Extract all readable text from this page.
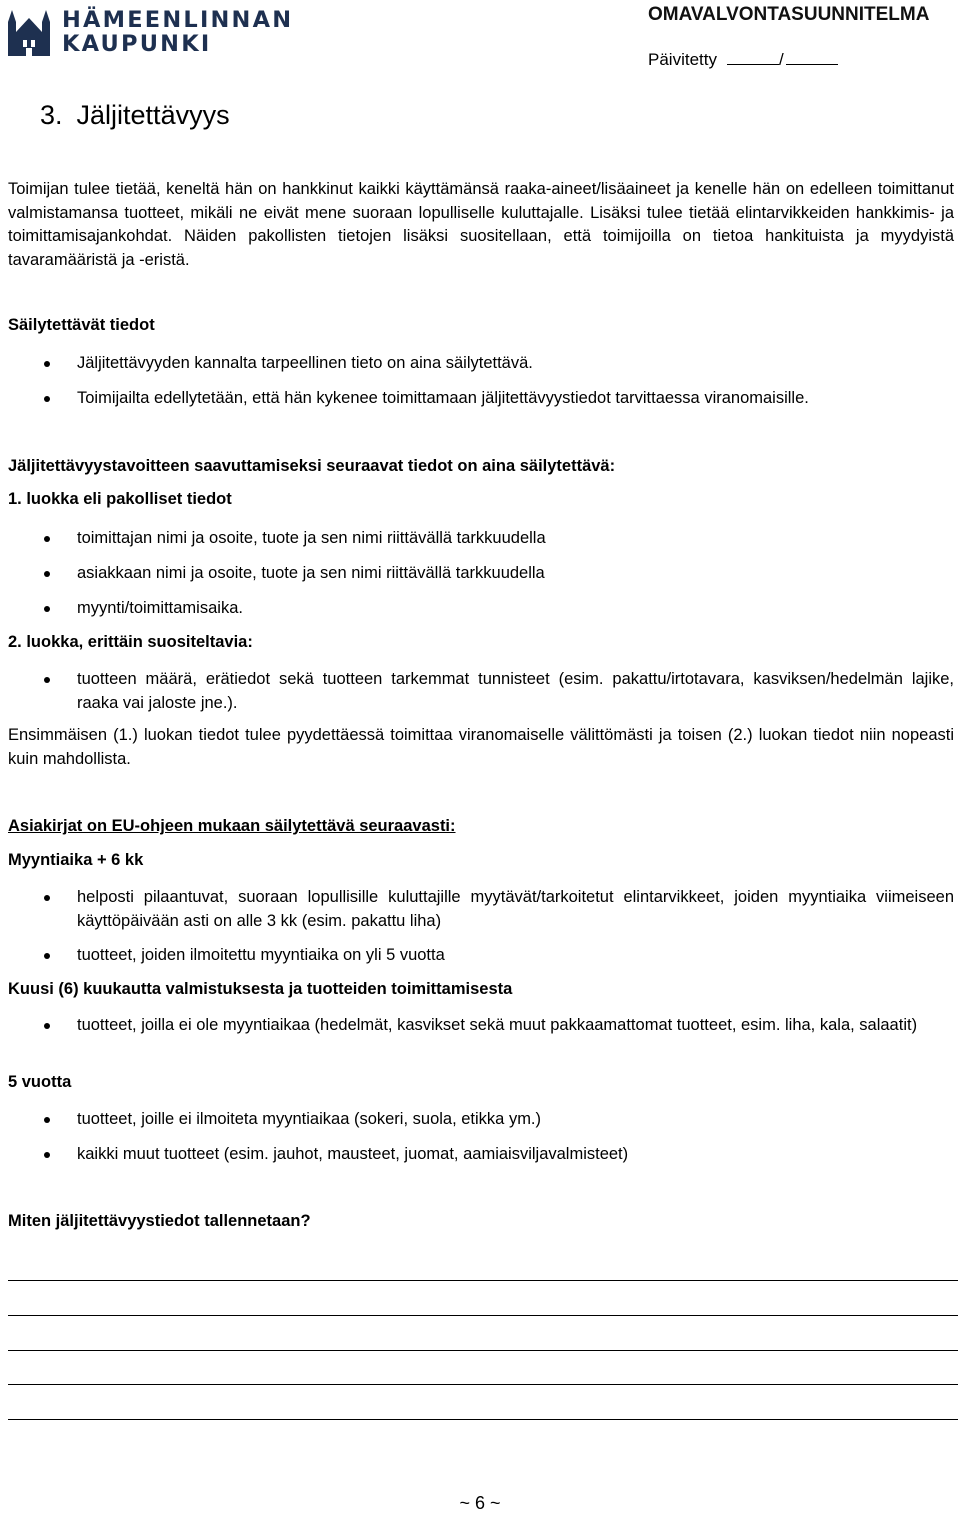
HÄMEENLINNAN
KAUPUNKI
OMAVALVONTASUUNNITELMA
Päivitetty	/
3. Jäljitettävyys
Toimijan tulee tietää, keneltä hän on hankkinut kaikki käyttämänsä raaka-aineet/lisäaineet ja kenelle hän on edelleen toimittanut valmistamansa tuotteet, mikäli ne eivät mene suoraan lopulliselle kuluttajalle. Lisäksi tulee tietää elintarvikkeiden hankkimis- ja toimittamisajankohdat. Näiden pakollisten tietojen lisäksi suositellaan, että toimijoilla on tietoa hankituista ja myydyistä tavaramääristä ja -eristä.
Säilytettävät tiedot
Jäljitettävyyden kannalta tarpeellinen tieto on aina säilytettävä.
Toimijailta edellytetään, että hän kykenee toimittamaan jäljitettävyystiedot tarvittaessa viranomaisille.
Jäljitettävyystavoitteen saavuttamiseksi seuraavat tiedot on aina säilytettävä:
1. luokka eli pakolliset tiedot
toimittajan nimi ja osoite, tuote ja sen nimi riittävällä tarkkuudella
asiakkaan nimi ja osoite, tuote ja sen nimi riittävällä tarkkuudella
myynti/toimittamisaika.
2. luokka, erittäin suositeltavia:
tuotteen määrä, erätiedot sekä tuotteen tarkemmat tunnisteet (esim. pakattu/irtotavara, kasviksen/hedelmän lajike, raaka vai jaloste jne.).
Ensimmäisen (1.) luokan tiedot tulee pyydettäessä toimittaa viranomaiselle välittömästi ja toisen (2.) luokan tiedot niin nopeasti kuin mahdollista.
Asiakirjat on EU-ohjeen mukaan säilytettävä seuraavasti:
Myyntiaika + 6 kk
helposti pilaantuvat, suoraan lopullisille kuluttajille myytävät/tarkoitetut elintarvikkeet, joiden myyntiaika viimeiseen käyttöpäivään asti on alle 3 kk (esim. pakattu liha)
tuotteet, joiden ilmoitettu myyntiaika on yli 5 vuotta
Kuusi (6) kuukautta valmistuksesta ja tuotteiden toimittamisesta
tuotteet, joilla ei ole myyntiaikaa (hedelmät, kasvikset sekä muut pakkaamattomat tuotteet, esim. liha, kala, salaatit)
5 vuotta
tuotteet, joille ei ilmoiteta myyntiaikaa (sokeri, suola, etikka ym.)
kaikki muut tuotteet (esim. jauhot, mausteet, juomat, aamiaisviljavalmisteet)
Miten jäljitettävyystiedot tallennetaan?
~ 6 ~
